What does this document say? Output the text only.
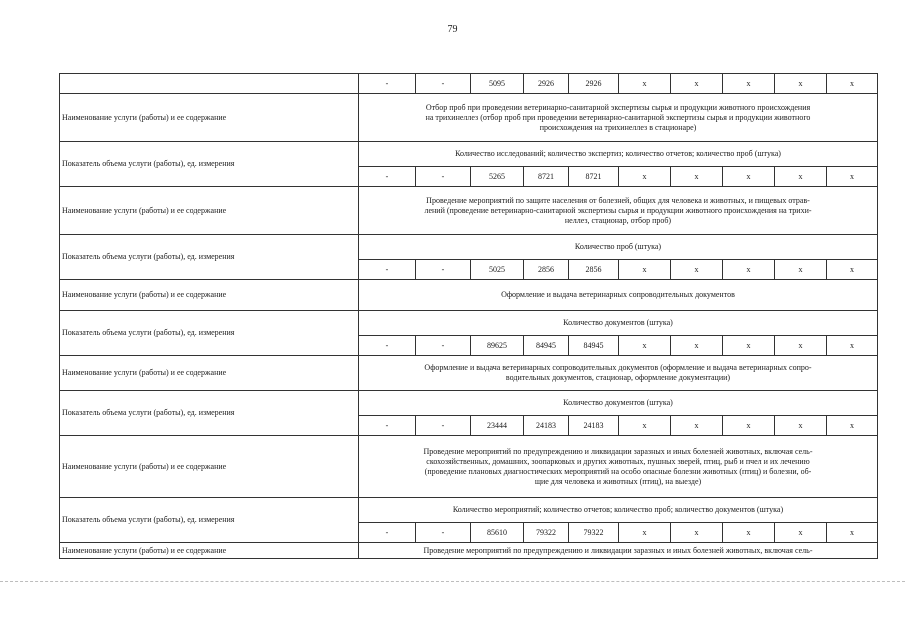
79
	-	-	5095	2926	2926	х	х	х	х	х
Наименование услуги (работы) и ее содержание	Отбор проб при проведении ветеринарно-санитарной экспертизы сырья и продукции животного происхождения
на трихинеллез (отбор проб при проведении ветеринарно-санитарной экспертизы сырья и продукции животного
происхождения на трихинеллез в стационаре)									

Показатель объема услуги (работы), ед. измерения	Количество исследований; количество экспертиз; количество отчетов; количество проб (штука)									
	-	-	5265	8721	8721	х	х	х	х	х
Наименование услуги (работы) и ее содержание	Проведение мероприятий по защите населения от болезней, общих для человека и животных, и пищевых отрав-
лений (проведение ветеринарно-санитарной экспертизы сырья и продукции животного происхождения на трихи-
неллез, стационар, отбор проб)									

Показатель объема услуги (работы), ед. измерения	Количество проб (штука)									
	-	-	5025	2856	2856	х	х	х	х	х
Наименование услуги (работы) и ее содержание	Оформление и выдача ветеринарных сопроводительных документов									

Показатель объема услуги (работы), ед. измерения	Количество документов (штука)									
	-	-	89625	84945	84945	х	х	х	х	х
Наименование услуги (работы) и ее содержание	Оформление и выдача ветеринарных сопроводительных документов (оформление и выдача ветеринарных сопро-
водительных документов, стационар, оформление документации)									

Показатель объема услуги (работы), ед. измерения	Количество документов (штука)									
	-	-	23444	24183	24183	х	х	х	х	х
Наименование услуги (работы) и ее содержание	Проведение мероприятий по предупреждению и ликвидации заразных и иных болезней животных, включая сель-
скохозяйственных, домашних, зоопарковых и других животных, пушных зверей, птиц, рыб и пчел и их лечению
(проведение плановых диагностических мероприятий на особо опасные болезни животных (птиц) и болезни, об-
щие для человека и животных (птиц), на выезде)									

Показатель объема услуги (работы), ед. измерения	Количество мероприятий; количество отчетов; количество проб; количество документов (штука)									
	-	-	85610	79322	79322	х	х	х	х	х
Наименование услуги (работы) и ее содержание	Проведение мероприятий по предупреждению и ликвидации заразных и иных болезней животных, включая сель-									
